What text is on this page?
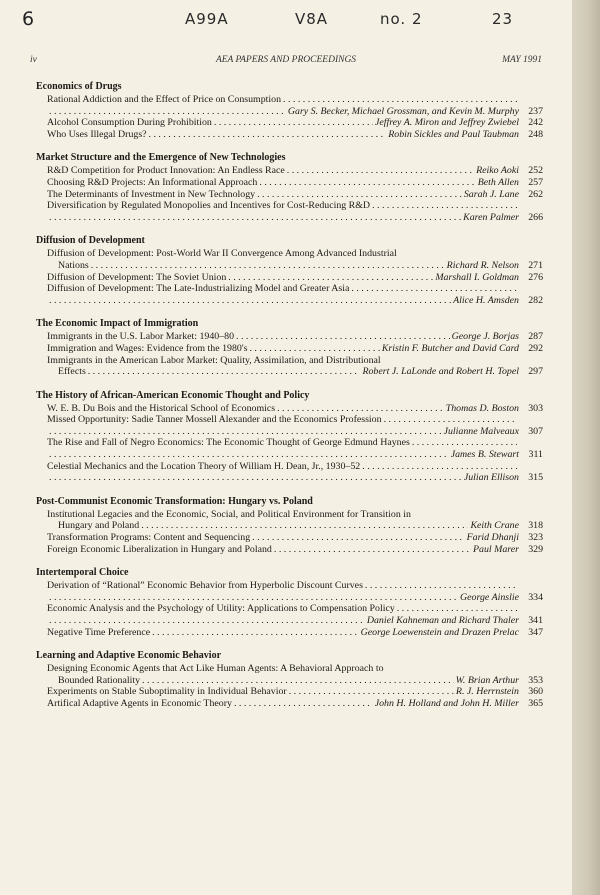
6	A99A	V8A	no. 2	23
iv	AEA PAPERS AND PROCEEDINGS	MAY 1991
Economics of Drugs
Rational Addiction and the Effect of Price on Consumption
. . .
. . .
Gary S. Becker, Michael Grossman, and Kevin M. Murphy 237
Alcohol Consumption During Prohibition . . .	Jeffrey A. Miron and Jeffrey Zwiebel 242
Who Uses Illegal Drugs? . . .	Robin Sickles and Paul Taubman 248
Market Structure and the Emergence of New Technologies
R&D Competition for Product Innovation: An Endless Race . . .	Reiko Aoki 252
Choosing R&D Projects: An Informational Approach . . .	Beth Allen 257
The Determinants of Investment in New Technology . . .	Sarah J. Lane 262
Diversification by Regulated Monopolies and Incentives for Cost-Reducing R&D
. . .
. . .
Karen Palmer 266
Diffusion of Development
Diffusion of Development: Post-World War II Convergence Among Advanced Industrial
Nations . . .	Richard R. Nelson 271
Diffusion of Development: The Soviet Union . . .	Marshall I. Goldman 276
Diffusion of Development: The Late-Industrializing Model and Greater Asia
. . .
. . .
Alice H. Amsden 282
The Economic Impact of Immigration
Immigrants in the U.S. Labor Market: 1940–80 . . .	George J. Borjas 287
Immigration and Wages: Evidence from the 1980's . . .	Kristin F. Butcher and David Card 292
Immigrants in the American Labor Market: Quality, Assimilation, and Distributional
Effects . . .	Robert J. LaLonde and Robert H. Topel 297
The History of African-American Economic Thought and Policy
W. E. B. Du Bois and the Historical School of Economics . . .	Thomas D. Boston 303
Missed Opportunity: Sadie Tanner Mossell Alexander and the Economics Profession
. . .
. . .
Julianne Malveaux 307
The Rise and Fall of Negro Economics: The Economic Thought of George Edmund Haynes
. . .
. . .
James B. Stewart 311
Celestial Mechanics and the Location Theory of William H. Dean, Jr., 1930–52
. . .
. . .
Julian Ellison 315
Post-Communist Economic Transformation: Hungary vs. Poland
Institutional Legacies and the Economic, Social, and Political Environment for Transition in
Hungary and Poland . . .	Keith Crane 318
Transformation Programs: Content and Sequencing . . .	Farid Dhanji 323
Foreign Economic Liberalization in Hungary and Poland . . .	Paul Marer 329
Intertemporal Choice
Derivation of “Rational” Economic Behavior from Hyperbolic Discount Curves
. . .
. . .
George Ainslie 334
Economic Analysis and the Psychology of Utility: Applications to Compensation Policy
. . .
. . .
Daniel Kahneman and Richard Thaler 341
Negative Time Preference . . .	George Loewenstein and Drazen Prelac 347
Learning and Adaptive Economic Behavior
Designing Economic Agents that Act Like Human Agents: A Behavioral Approach to
Bounded Rationality . . .	W. Brian Arthur 353
Experiments on Stable Suboptimality in Individual Behavior . . .	R. J. Herrnstein 360
Artifical Adaptive Agents in Economic Theory . . .	John H. Holland and John H. Miller 365
